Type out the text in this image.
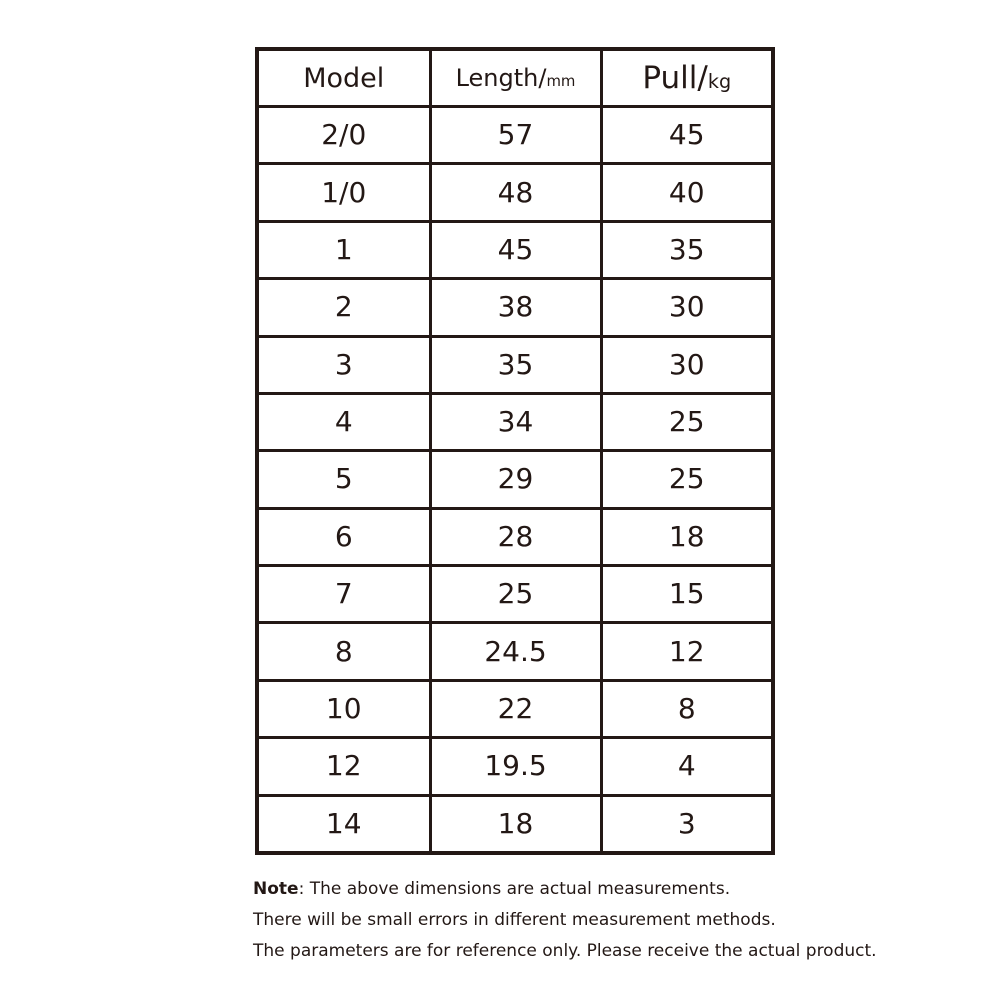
Model	Length/mm	Pull/kg
2/0	57	45
1/0	48	40
1	45	35
2	38	30
3	35	30
4	34	25
5	29	25
6	28	18
7	25	15
8	24.5	12
10	22	8
12	19.5	4
14	18	3

Note: The above dimensions are actual measurements.

There will be small errors in different measurement methods.

The parameters are for reference only. Please receive the actual product.
